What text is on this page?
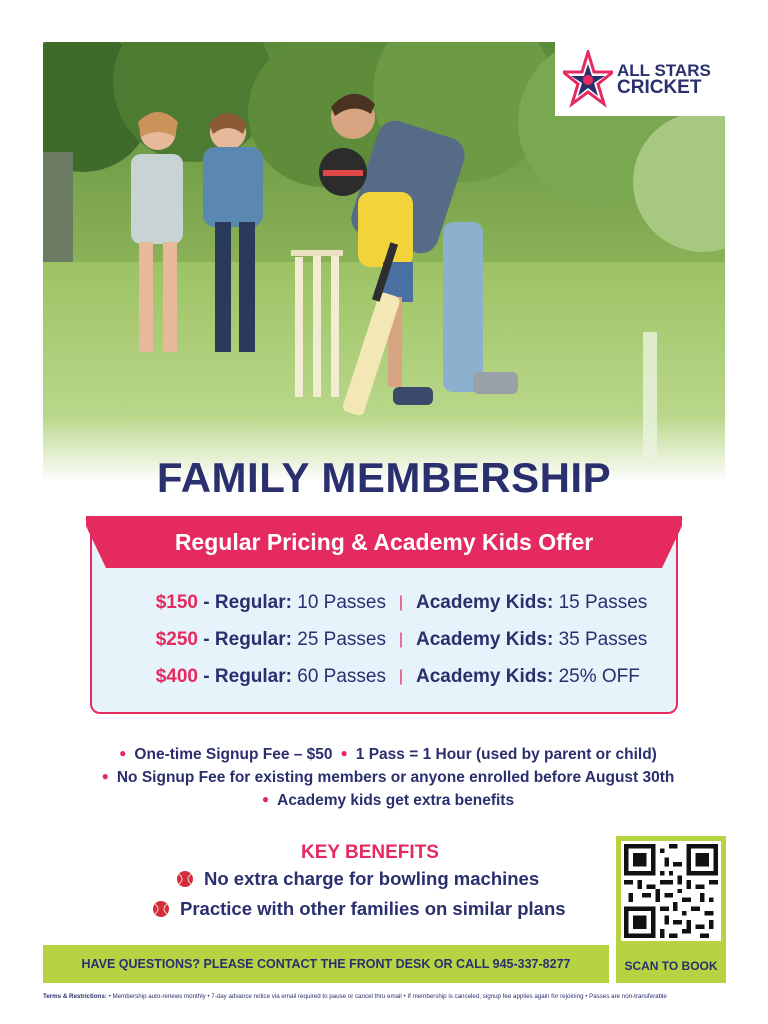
ALL STARS
CRICKET
FAMILY MEMBERSHIP
Regular Pricing & Academy Kids Offer
$150 - Regular: 10 Passes | Academy Kids: 15 Passes
$250 - Regular: 25 Passes | Academy Kids: 35 Passes
$400 - Regular: 60 Passes | Academy Kids: 25% OFF
● One-time Signup Fee – $50 ● 1 Pass = 1 Hour (used by parent or child)
● No Signup Fee for existing members or anyone enrolled before August 30th
● Academy kids get extra benefits
KEY BENEFITS
No extra charge for bowling machines
Practice with other families on similar plans
SCAN TO BOOK
HAVE QUESTIONS? PLEASE CONTACT THE FRONT DESK OR CALL 945-337-8277
Terms & Restrictions: • Membership auto-renews monthly • 7-day advance notice via email required to pause or cancel thru email • If membership is canceled, signup fee applies again for rejoining • Passes are non-transferable
